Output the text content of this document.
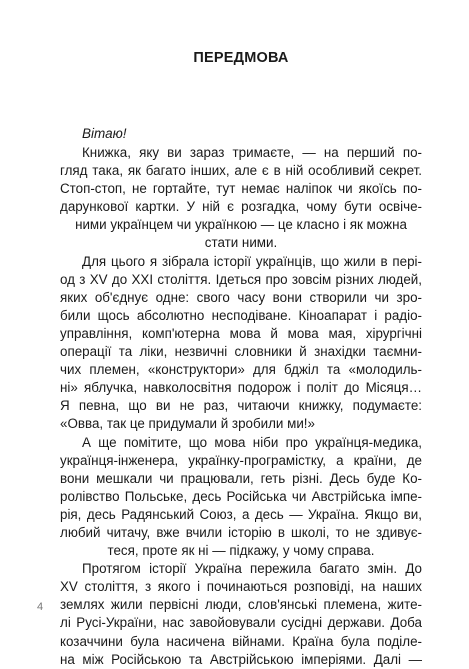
ПЕРЕДМОВА
Вітаю!
Книжка, яку ви зараз тримаєте, — на перший по-
гляд така, як багато інших, але є в ній особливий секрет.
Стоп-стоп, не гортайте, тут немає наліпок чи якоїсь по-
дарункової картки. У ній є розгадка, чому бути освіче-
ними українцем чи українкою — це класно і як можна
стати ними.
Для цього я зібрала історії українців, що жили в пері-
од з XV до XXI століття. Ідеться про зовсім різних людей,
яких об'єднує одне: свого часу вони створили чи зро-
били щось абсолютно несподіване. Кіноапарат і радіо-
управління, комп'ютерна мова й мова мая, хірургічні
операції та ліки, незвичні словники й знахідки таємни-
чих племен, «конструктори» для бджіл та «молодиль-
ні» яблучка, навколосвітня подорож і політ до Місяця…
Я певна, що ви не раз, читаючи книжку, подумаєте:
«Овва, так це придумали й зробили ми!»
А ще помітите, що мова ніби про українця-медика,
українця-інженера, українку-програмістку, а країни, де
вони мешкали чи працювали, геть різні. Десь буде Ко-
ролівство Польське, десь Російська чи Австрійська імпе-
рія, десь Радянський Союз, а десь — Україна. Якщо ви,
любий читачу, вже вчили історію в школі, то не здивує-
теся, проте як ні — підкажу, у чому справа.
Протягом історії Україна пережила багато змін. До
XV століття, з якого і починаються розповіді, на наших
землях жили первісні люди, слов'янські племена, жите-
лі Русі-України, нас завойовували сусідні держави. Доба
козаччини була насичена війнами. Країна була поділе-
на між Російською та Австрійською імперіями. Далі —
4
